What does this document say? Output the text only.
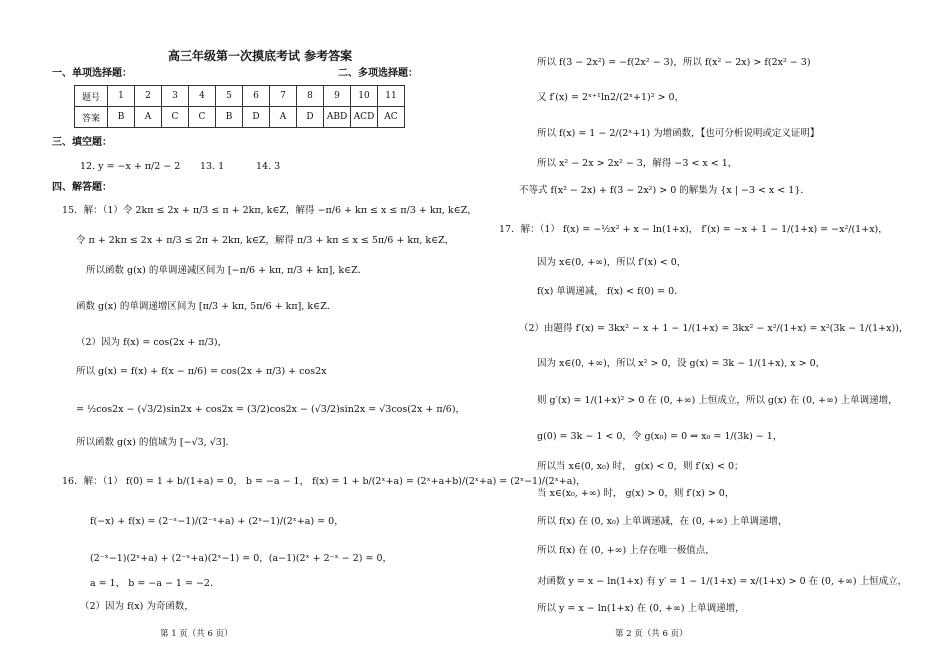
高三年级第一次摸底考试 参考答案
一、单项选择题：	二、多项选择题：
题号	1	2	3	4	5	6	7	8	9	10	11
答案	B	A	C	C	B	D	A	D	ABD	ACD	AC
三、填空题：
12. y = −x + π/2 − 2 13. 1	14. 3
四、解答题：
15．解：（1）令 2kπ ≤ 2x + π/3 ≤ π + 2kπ, k∈Z，解得 −π/6 + kπ ≤ x ≤ π/3 + kπ, k∈Z，
令 π + 2kπ ≤ 2x + π/3 ≤ 2π + 2kπ, k∈Z，解得 π/3 + kπ ≤ x ≤ 5π/6 + kπ, k∈Z，
所以函数 g(x) 的单调递减区间为 [−π/6 + kπ, π/3 + kπ], k∈Z．
函数 g(x) 的单调递增区间为 [π/3 + kπ, 5π/6 + kπ], k∈Z．
（2）因为 f(x) = cos(2x + π/3)，
所以 g(x) = f(x) + f(x − π/6) = cos(2x + π/3) + cos2x
= ½cos2x − (√3/2)sin2x + cos2x = (3/2)cos2x − (√3/2)sin2x = √3cos(2x + π/6)，
所以函数 g(x) 的值域为 [−√3, √3]．
16．解：（1） f(0) = 1 + b/(1+a) = 0， b = −a − 1， f(x) = 1 + b/(2ˣ+a) = (2ˣ+a+b)/(2ˣ+a) = (2ˣ−1)/(2ˣ+a)，
f(−x) + f(x) = (2⁻ˣ−1)/(2⁻ˣ+a) + (2ˣ−1)/(2ˣ+a) = 0，
(2⁻ˣ−1)(2ˣ+a) + (2⁻ˣ+a)(2ˣ−1) = 0，(a−1)(2ˣ + 2⁻ˣ − 2) = 0，
a = 1， b = −a − 1 = −2．
（2）因为 f(x) 为奇函数，
第 1 页（共 6 页）
所以 f(3 − 2x²) = −f(2x² − 3)，所以 f(x² − 2x) > f(2x² − 3)
又 f′(x) = 2ˣ⁺¹ln2/(2ˣ+1)² > 0，
所以 f(x) = 1 − 2/(2ˣ+1) 为增函数，【也可分析说明或定义证明】
所以 x² − 2x > 2x² − 3，解得 −3 < x < 1，
不等式 f(x² − 2x) + f(3 − 2x²) > 0 的解集为 {x | −3 < x < 1}．
17．解：（1） f(x) = −½x² + x − ln(1+x)， f′(x) = −x + 1 − 1/(1+x) = −x²/(1+x)，
因为 x∈(0, +∞)，所以 f′(x) < 0，
f(x) 单调递减， f(x) < f(0) = 0．
（2）由题得 f′(x) = 3kx² − x + 1 − 1/(1+x) = 3kx² − x²/(1+x) = x²(3k − 1/(1+x))，
因为 x∈(0, +∞)，所以 x² > 0，设 g(x) = 3k − 1/(1+x), x > 0，
则 g′(x) = 1/(1+x)² > 0 在 (0, +∞) 上恒成立，所以 g(x) 在 (0, +∞) 上单调递增，
g(0) = 3k − 1 < 0，令 g(x₀) = 0 ⇒ x₀ = 1/(3k) − 1，
所以当 x∈(0, x₀) 时， g(x) < 0，则 f′(x) < 0；
当 x∈(x₀, +∞) 时， g(x) > 0，则 f′(x) > 0，
所以 f(x) 在 (0, x₀) 上单调递减，在 (0, +∞) 上单调递增，
所以 f(x) 在 (0, +∞) 上存在唯一极值点，
对函数 y = x − ln(1+x) 有 y′ = 1 − 1/(1+x) = x/(1+x) > 0 在 (0, +∞) 上恒成立，
所以 y = x − ln(1+x) 在 (0, +∞) 上单调递增，
第 2 页（共 6 页）
